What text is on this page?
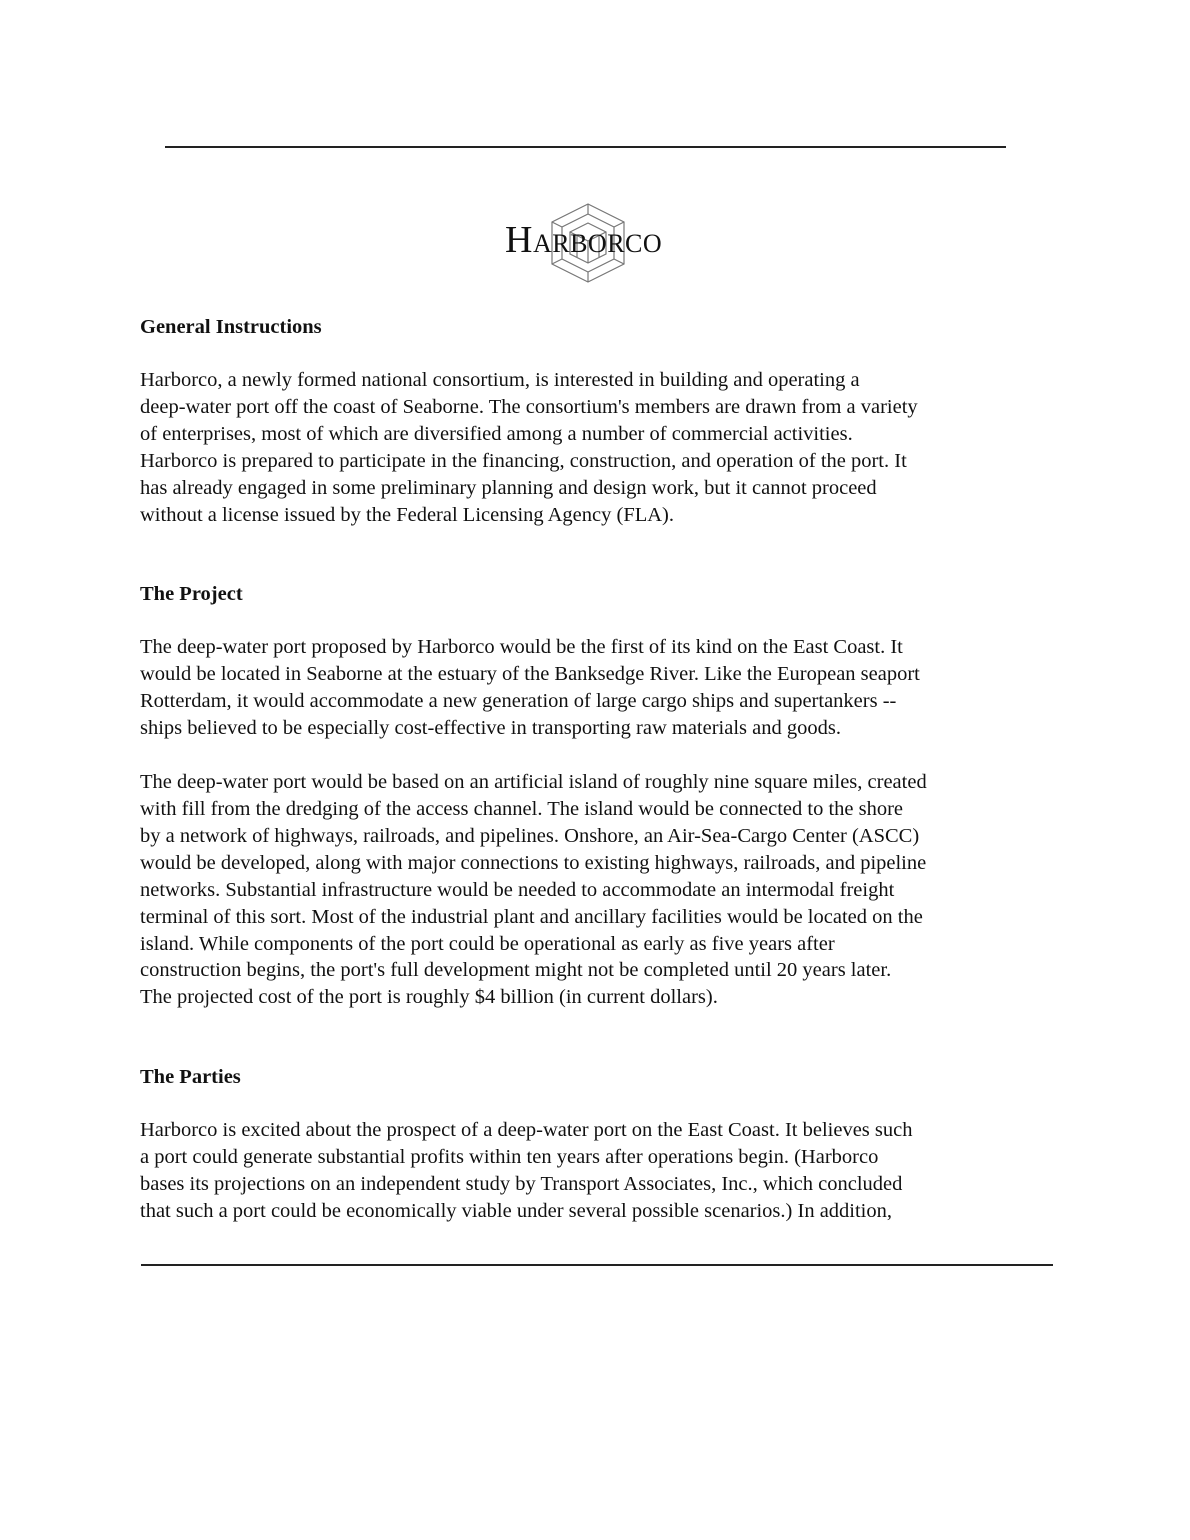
HARBORCO
General Instructions

Harborco, a newly formed national consortium, is interested in building and operating a
deep-water port off the coast of Seaborne. The consortium's members are drawn from a variety
of enterprises, most of which are diversified among a number of commercial activities.
Harborco is prepared to participate in the financing, construction, and operation of the port. It
has already engaged in some preliminary planning and design work, but it cannot proceed
without a license issued by the Federal Licensing Agency (FLA).

The Project

The deep-water port proposed by Harborco would be the first of its kind on the East Coast. It
would be located in Seaborne at the estuary of the Banksedge River. Like the European seaport
Rotterdam, it would accommodate a new generation of large cargo ships and supertankers --
ships believed to be especially cost-effective in transporting raw materials and goods.

The deep-water port would be based on an artificial island of roughly nine square miles, created
with fill from the dredging of the access channel. The island would be connected to the shore
by a network of highways, railroads, and pipelines. Onshore, an Air-Sea-Cargo Center (ASCC)
would be developed, along with major connections to existing highways, railroads, and pipeline
networks. Substantial infrastructure would be needed to accommodate an intermodal freight
terminal of this sort. Most of the industrial plant and ancillary facilities would be located on the
island. While components of the port could be operational as early as five years after
construction begins, the port's full development might not be completed until 20 years later.
The projected cost of the port is roughly $4 billion (in current dollars).

The Parties

Harborco is excited about the prospect of a deep-water port on the East Coast. It believes such
a port could generate substantial profits within ten years after operations begin. (Harborco
bases its projections on an independent study by Transport Associates, Inc., which concluded
that such a port could be economically viable under several possible scenarios.) In addition,
